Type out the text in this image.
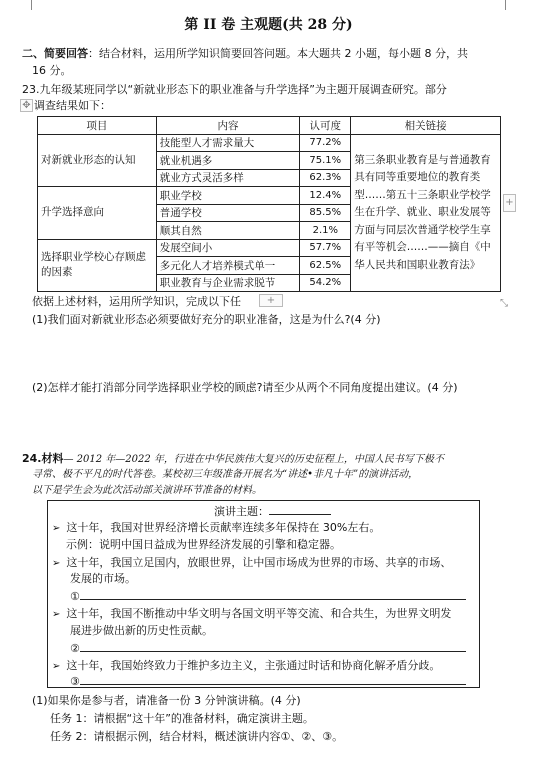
第 II 卷 主观题(共 28 分)
二、简要回答：结合材料，运用所学知识简要回答问题。本大题共 2 小题，每小题 8 分，共
16 分。
23.九年级某班同学以“新就业形态下的职业准备与升学选择”为主题开展调查研究。部分
调查结果如下：
✥
项目	内容	认可度	相关链接
对新就业形态的认知	技能型人才需求量大	77.2%	第三条职业教育是与普通教育具有同等重要地位的教育类型……第五十三条职业学校学生在升学、就业、职业发展等方面与同层次普通学校学生享有平等机会……——摘自《中华人民共和国职业教育法》
	就业机遇多	75.1%	
	就业方式灵活多样	62.3%	
升学选择意向	职业学校	12.4%	
	普通学校	85.5%	
	顺其自然	2.1%	
选择职业学校心存顾虑的因素	发展空间小	57.7%	
	多元化人才培养模式单一	62.5%	
	职业教育与企业需求脱节	54.2%	
+
+	⤡
依据上述材料，运用所学知识，完成以下任
(1)我们面对新就业形态必须要做好充分的职业准备，这是为什么?(4 分)
(2)怎样才能打消部分同学选择职业学校的顾虑?请至少从两个不同角度提出建议。(4 分)
24.材料— 2012 年—2022 年，行进在中华民族伟大复兴的历史征程上，中国人民书写下极不
寻常、极不平凡的时代答卷。某校初三年级准备开展名为“讲述•非凡十年”的演讲活动，
以下是学生会为此次活动部关演讲环节准备的材料。
演讲主题：
➢ 这十年，我国对世界经济增长贡献率连续多年保持在 30%左右。
示例：说明中国日益成为世界经济发展的引擎和稳定器。
➢ 这十年，我国立足国内，放眼世界，让中国市场成为世界的市场、共享的市场、
发展的市场。
①
➢ 这十年，我国不断推动中华文明与各国文明平等交流、和合共生，为世界文明发
展进步做出新的历史性贡献。
②
➢ 这十年，我国始终致力于维护多边主义，主张通过时话和协商化解矛盾分歧。
③
(1)如果你是参与者，请准备一份 3 分钟演讲稿。(4 分)
任务 1：请根据“这十年”的准备材料，确定演讲主题。
任务 2：请根据示例，结合材料，概述演讲内容①、②、③。
